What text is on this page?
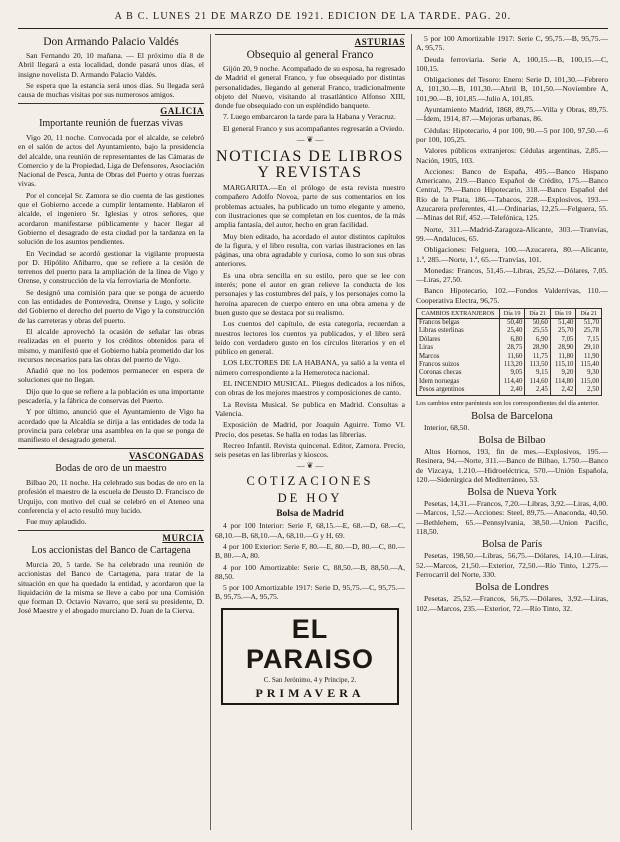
A B C. LUNES 21 DE MARZO DE 1921. EDICION DE LA TARDE. PAG. 20.
Don Armando Palacio Valdés

San Fernando 20, 10 mañana. — El próximo día 8 de Abril llegará a esta localidad, donde pasará unos días, el insigne novelista D. Armando Palacio Valdés.

Se espera que la estancia será unos días. Su llegada será causa de muchas visitas por sus numerosos amigos.

GALICIA
Importante reunión de fuerzas vivas

Vigo 20, 11 noche. Convocada por el alcalde, se celebró en el salón de actos del Ayuntamiento, bajo la presidencia del alcalde, una reunión de representantes de las Cámaras de Comercio y de la Propiedad, Liga de Defensores, Asociación Nacional de Pesca, Junta de Obras del Puerto y otras fuerzas vivas.

Por el concejal Sr. Zamora se dio cuenta de las gestiones que el Gobierno accede a cumplir lentamente. Hablaron el alcalde, el ingeniero Sr. Iglesias y otros señores, que acordaron manifestarse públicamente y hacer llegar al Gobierno el desagrado de esta ciudad por la tardanza en la solución de los asuntos pendientes.

En Vecindad se acordó gestionar la vigilante propuesta por D. Hipólito Añibarro, que se refiere a la cesión de terrenos del puerto para la ampliación de la línea de Vigo y Orense, y construcción de la vía ferroviaria de Monforte.

Se designó una comisión para que se ponga de acuerdo con las entidades de Pontevedra, Orense y Lugo, y solicite del Gobierno el derecho del puerto de Vigo y la construcción de las carreteras y obras del puerto.

El alcalde aprovechó la ocasión de señalar las obras realizadas en el puerto y los créditos obtenidos para el mismo, y manifestó que el Gobierno había prometido dar los recursos necesarios para las obras del puerto de Vigo.

Añadió que no los podemos permanecer en espera de soluciones que no llegan.

Dijo que lo que se refiere a la población es una importante pescadería, y la fábrica de conservas del Puerto.

Y por último, anunció que el Ayuntamiento de Vigo ha acordado que la Alcaldía se dirija a las entidades de toda la provincia para celebrar una asamblea en la que se ponga de manifiesto el desagrado general.

VASCONGADAS
Bodas de oro de un maestro

Bilbao 20, 11 noche. Ha celebrado sus bodas de oro en la profesión el maestro de la escuela de Deusto D. Francisco de Urquijo, con motivo del cual se celebró en el Ateneo una conferencia y el acto resultó muy lucido.

Fue muy aplaudido.

MURCIA
Los accionistas del Banco de Cartagena

Murcia 20, 5 tarde. Se ha celebrado una reunión de accionistas del Banco de Cartagena, para tratar de la situación en que ha quedado la entidad, y acordaron que la liquidación de la misma se lleve a cabo por una Comisión que forman D. Octavio Navarro, que será su presidente, D. José Maestre y el abogado murciano D. Juan de la Cierva.

ASTURIAS
Obsequio al general Franco

Gijón 20, 9 noche. Acompañado de su esposa, ha regresado de Madrid el general Franco, y fue obsequiado por distintas personalidades, llegando al general Franco, tradicionalmente objeto del Nuevo, visitando al trasatlántico Alfonso XIII, donde fue obsequiado con un espléndido banquete.

7. Luego embarcaron la tarde para la Habana y Veracruz.

El general Franco y sus acompañantes regresarán a Oviedo.

— ❦ —
NOTICIAS DE LIBROS Y REVISTAS

MARGARITA.—En el prólogo de esta revista nuestro compañero Adolfo Novoa, parte de sus comentarios en los problemas actuales, ha publicado un tomo elegante y ameno, con ilustraciones que se completan en los cuentos, de la más amplia fantasía, del autor, hecho en gran facilidad.

Muy bien editado, ha acordado el autor distintos capítulos de la figura, y el libro resulta, con varias ilustraciones en las páginas, una obra agradable y curiosa, como lo son sus obras anteriores.

Es una obra sencilla en su estilo, pero que se lee con interés; pone el autor en gran relieve la conducta de los personajes y las costumbres del país, y los personajes como la heroína aparecen de cuerpo entero en una obra amena y de buen gusto que se destaca por su realismo.

Los cuentos del capítulo, de esta categoría, recuerdan a nuestros lectores los cuentos ya publicados, y el libro será leído con verdadero gusto en los círculos literarios y en el público en general.

LOS LECTORES DE LA HABANA, ya salió a la venta el número correspondiente a la Hemeroteca nacional.

EL INCENDIO MUSICAL. Pliegos dedicados a los niños, con obras de los mejores maestros y composiciones de canto.

La Revista Musical. Se publica en Madrid. Consultas a Valencia.

Exposición de Madrid, por Joaquín Aguirre. Tomo VI. Precio, dos pesetas. Se halla en todas las librerías.

Recreo Infantil. Revista quincenal. Editor, Zamora. Precio, seis pesetas en las librerías y kioscos.

— ❦ —
COTIZACIONES
DE HOY
Bolsa de Madrid

4 por 100 Interior: Serie F, 68,15.—E, 68.—D, 68.—C, 68,10.—B, 68,10.—A, 68,10.—G y H, 69.

4 por 100 Exterior: Serie F, 80.—E, 80.—D, 80.—C, 80.—B, 80.—A, 80.

4 por 100 Amortizable: Serie C, 88,50.—B, 88,50.—A, 88,50.

5 por 100 Amortizable 1917: Serie D, 95,75.—C, 95,75.—B, 95,75.—A, 95,75.

EL PARAISO
C. San Jerónimo, 4 y Príncipe, 2.
PRIMAVERA

5 por 100 Amortizable 1917: Serie C, 95,75.—B, 95,75.—A, 95,75.

Deuda ferroviaria. Serie A, 100,15.—B, 100,15.—C, 100,15.

Obligaciones del Tesoro: Enero: Serie D, 101,30.—Febrero A, 101,30.—B, 101,30.—Abril B, 101,50.—Noviembre A, 101,90.—B, 101,85.—Julio A, 101,85.

Ayuntamiento Madrid, 1868, 89,75.—Villa y Obras, 89,75.—Ídem, 1914, 87.—Mejoras urbanas, 86.

Cédulas: Hipotecario, 4 por 100, 90.—5 por 100, 97,50.—6 por 100, 105,25.

Valores públicos extranjeros: Cédulas argentinas, 2,85.—Nación, 1905, 103.

Acciones: Banco de España, 495.—Banco Hispano Americano, 219.—Banco Español de Crédito, 175.—Banco Central, 79.—Banco Hipotecario, 318.—Banco Español del Río de la Plata, 186.—Tabacos, 228.—Explosivos, 193.—Azucarera preferentes, 41.—Ordinarias, 12,25.—Felguera, 55.—Minas del Rif, 452.—Telefónica, 125.

Norte, 311.—Madrid-Zaragoza-Alicante, 303.—Tranvías, 99.—Andaluces, 65.

Obligaciones: Felguera, 100.—Azucarera, 80.—Alicante, 1.ª, 285.—Norte, 1.ª, 65.—Tranvías, 101.

Monedas: Francos, 51,45.—Libras, 25,52.—Dólares, 7,05.—Liras, 27,50.

Banco Hipotecario, 102.—Fondos Valderrivas, 110.—Cooperativa Electra, 96,75.

CAMBIOS EXTRANJEROS	Día 19	Día 21	Día 19	Día 21
Francos belgas	50,40	50,60	51,40	51,70
Libras esterlinas	25,40	25,55	25,70	25,78
Dólares	6,80	6,90	7,05	7,15
Liras	28,75	28,90	28,90	29,10
Marcos	11,60	11,75	11,80	11,90
Francos suizos	113,20	113,50	115,10	115,40
Coronas checas	9,05	9,15	9,20	9,30
Idem noruegas	114,40	114,60	114,80	115,00
Pesos argentinos	2,40	2,45	2,42	2,50
Los cambios entre paréntesis son los correspondientes del día anterior.
Bolsa de Barcelona

Interior, 68,50.

Bolsa de Bilbao

Altos Hornos, 193, fin de mes.—Explosivos, 195.—Resinera, 94.—Norte, 311.—Banco de Bilbao, 1.750.—Banco de Vizcaya, 1.210.—Hidroeléctrica, 570.—Unión Española, 120.—Siderúrgica del Mediterráneo, 53.

Bolsa de Nueva York

Pesetas, 14,31.—Francos, 7,20.—Libras, 3,92.—Liras, 4,00.—Marcos, 1,52.—Acciones: Steel, 89,75.—Anaconda, 40,50.—Bethlehem, 65.—Pennsylvania, 38,50.—Union Pacific, 118,50.

Bolsa de París

Pesetas, 198,50.—Libras, 56,75.—Dólares, 14,10.—Liras, 52.—Marcos, 21,50.—Exterior, 72,50.—Río Tinto, 1.275.—Ferrocarril del Norte, 330.

Bolsa de Londres

Pesetas, 25,52.—Francos, 56,75.—Dólares, 3,92.—Liras, 102.—Marcos, 235.—Exterior, 72.—Río Tinto, 32.
